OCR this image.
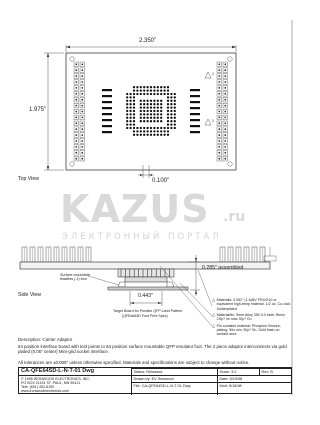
2.350"
1.975"
0.100"
1
1
Top View
KAZUS .ru
ЭЛЕКТРОННЫЙ ПОРТАЛ
Surface mountable
leadless (.1) foot
0.285" assembled
0.443"
Side View
Target Board for Positive QFP Land Pattern
(QFEks64D Foot Print Spec)
△ Materials: 0.062" (1.6)NV FR4/G10 or equivalent high-temp material. 1/2 oz. Cu clad.
Solderplated.
△ Material/tin, 9mm Alloy 350 0.0 bath: Resin 2Sp? /m max Sip? Cu
△ Pin contacts material: Phosphor Bronze, plating: 50u min 30p? Sn. Gold flash on contact area
Description: Carrier Adaptor
64 position interface board with test points to 64 position surface mountable QFP emulator foot. The 2 piece adaptor interconnects via gold plated (0.05" center) Mini-grid socket interface.
All tolerances are ±0.005" unless otherwise specified. Materials and specifications are subject to change without notice.
CA-QFE64SD-L-N-T-01 Dwg
© 1998 IRONWOOD ELECTRONICS, INC.
PO BOX 21151 ST. PAUL, MN 55121
Tele: (651) 452-8100
www.ironwoodelectronics.com
Status: Released	Scale: 3:2	Rev: B
Drawn by: EV Seawood	Date: 5/15/98
File: CA-QFE64SD-L-N-T-01 Dwg	Mod: 5/18/98
